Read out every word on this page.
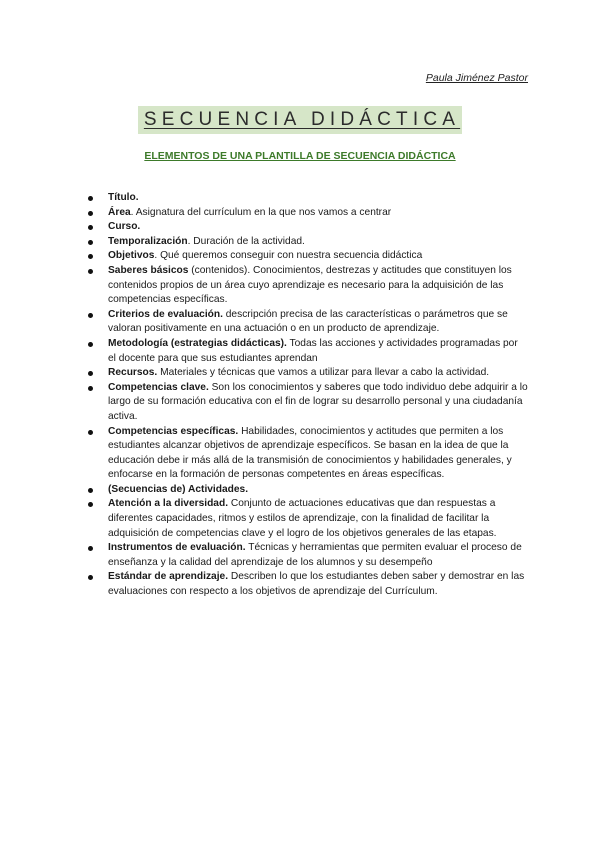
Paula Jiménez Pastor
SECUENCIA DIDÁCTICA
ELEMENTOS DE UNA PLANTILLA DE SECUENCIA DIDÁCTICA
Título.
Área. Asignatura del currículum en la que nos vamos a centrar
Curso.
Temporalización. Duración de la actividad.
Objetivos. Qué queremos conseguir con nuestra secuencia didáctica
Saberes básicos (contenidos). Conocimientos, destrezas y actitudes que constituyen los contenidos propios de un área cuyo aprendizaje es necesario para la adquisición de las competencias específicas.
Criterios de evaluación. descripción precisa de las características o parámetros que se valoran positivamente en una actuación o en un producto de aprendizaje.
Metodología (estrategias didácticas). Todas las acciones y actividades programadas por el docente para que sus estudiantes aprendan
Recursos. Materiales y técnicas que vamos a utilizar para llevar a cabo la actividad.
Competencias clave. Son los conocimientos y saberes que todo individuo debe adquirir a lo largo de su formación educativa con el fin de lograr su desarrollo personal y una ciudadanía activa.
Competencias específicas. Habilidades, conocimientos y actitudes que permiten a los estudiantes alcanzar objetivos de aprendizaje específicos. Se basan en la idea de que la educación debe ir más allá de la transmisión de conocimientos y habilidades generales, y enfocarse en la formación de personas competentes en áreas específicas.
(Secuencias de) Actividades.
Atención a la diversidad. Conjunto de actuaciones educativas que dan respuestas a diferentes capacidades, ritmos y estilos de aprendizaje, con la finalidad de facilitar la adquisición de competencias clave y el logro de los objetivos generales de las etapas.
Instrumentos de evaluación. Técnicas y herramientas que permiten evaluar el proceso de enseñanza y la calidad del aprendizaje de los alumnos y su desempeño
Estándar de aprendizaje. Describen lo que los estudiantes deben saber y demostrar en las evaluaciones con respecto a los objetivos de aprendizaje del Currículum.
